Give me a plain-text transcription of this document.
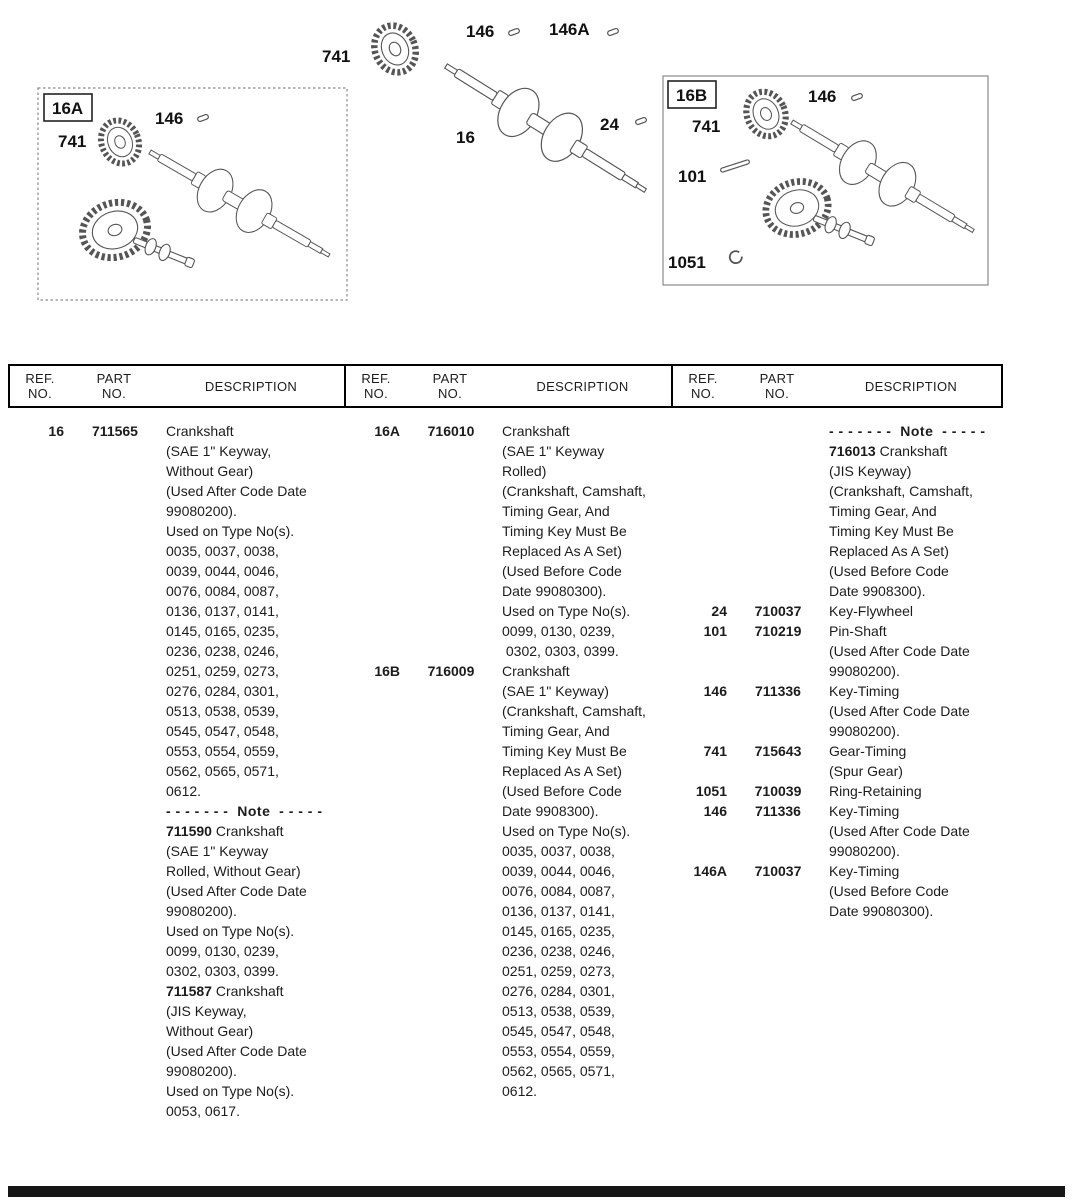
741
146	146A
16
24
16A
741
146
16B	146
741
101
1051
REF.
NO.
PART
NO.	DESCRIPTION	REF.
NO.
PART
NO.	DESCRIPTION	REF.
NO.
PART
NO.	DESCRIPTION
16	711565	Crankshaft
(SAE 1" Keyway,
Without Gear)
(Used After Code Date
99080200).
Used on Type No(s).
0035, 0037, 0038,
0039, 0044, 0046,
0076, 0084, 0087,
0136, 0137, 0141,
0145, 0165, 0235,
0236, 0238, 0246,
0251, 0259, 0273,
0276, 0284, 0301,
0513, 0538, 0539,
0545, 0547, 0548,
0553, 0554, 0559,
0562, 0565, 0571,
0612.
- - - - - - -  Note  - - - - -
711590 Crankshaft
(SAE 1" Keyway
Rolled, Without Gear)
(Used After Code Date
99080200).
Used on Type No(s).
0099, 0130, 0239,
0302, 0303, 0399.
711587 Crankshaft
(JIS Keyway,
Without Gear)
(Used After Code Date
99080200).
Used on Type No(s).
0053, 0617.
16A	716010	Crankshaft
(SAE 1" Keyway
Rolled)
(Crankshaft, Camshaft,
Timing Gear, And
Timing Key Must Be
Replaced As A Set)
(Used Before Code
Date 99080300).
Used on Type No(s).
0099, 0130, 0239,
0302, 0303, 0399.
16B	716009	Crankshaft
(SAE 1" Keyway)
(Crankshaft, Camshaft,
Timing Gear, And
Timing Key Must Be
Replaced As A Set)
(Used Before Code
Date 9908300).
Used on Type No(s).
0035, 0037, 0038,
0039, 0044, 0046,
0076, 0084, 0087,
0136, 0137, 0141,
0145, 0165, 0235,
0236, 0238, 0246,
0251, 0259, 0273,
0276, 0284, 0301,
0513, 0538, 0539,
0545, 0547, 0548,
0553, 0554, 0559,
0562, 0565, 0571,
0612.
- - - - - - -  Note  - - - - -
716013 Crankshaft
(JIS Keyway)
(Crankshaft, Camshaft,
Timing Gear, And
Timing Key Must Be
Replaced As A Set)
(Used Before Code
Date 9908300).
24	710037	Key-Flywheel
101	710219	Pin-Shaft
(Used After Code Date
99080200).
146	711336	Key-Timing
(Used After Code Date
99080200).
741	715643	Gear-Timing
(Spur Gear)
1051	710039	Ring-Retaining
146	711336	Key-Timing
(Used After Code Date
99080200).
146A	710037	Key-Timing
(Used Before Code
Date 99080300).
